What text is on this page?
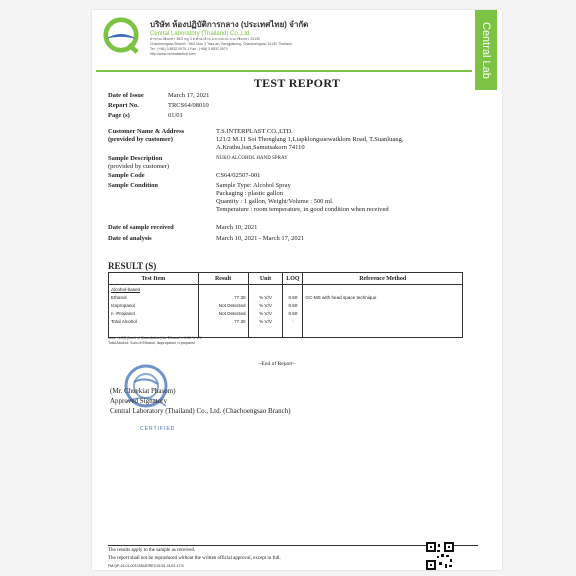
Central Lab
บริษัท ห้องปฏิบัติการกลาง (ประเทศไทย) จำกัด
Central Laboratory (Thailand) Co.,Ltd.
สาขาฉะเชิงเทรา 36/3 หมู่ 3 ต.ท่าสะอ้าน อ.บางปะกง จ.ฉะเชิงเทรา 24130
Chachoengsao Branch : 36/3 Moo 3 Tasa-an, Bangpakong, Chachoengsao 24130 Thailand
Tel : (+66) 3 8832 0970-1 Fax : (+66) 3 8832 0970
http://www.centrallabthai.com
TEST REPORT
Date of Issue	March 17, 2021
Report No.	TRCS64/08010
Page (s)	01/01
Customer Name & Address	T.S.INTERPLAST CO.,LTD.
(provided by customer)	121/2 M.11 Soi Thonglang 1,Liapklongsuewatklom Road, T.Suanluang,
A.Krathu,ban,Samutsakorn 74110
Sample Description	NUKO ALCOHOL HAND SPRAY
(provided by customer)
Sample Code	CS64/02507-001
Sample Condition	Sample Type: Alcohol Spray
Packaging : plastic gallon
Quantity : 1 gallon, Weight/Volume : 500 ml.
Temperature : room temperature, in good condition when received
Date of sample received	March 10, 2021
Date of analysis	March 10, 2021 - March 17, 2021
RESULT (S)
Test Item	Result	Unit	LOQ	Reference Method
Alcohol-based				
Ethanol	77.30	% V/V	0.50	GC-MS with head space technique
Isopropanol	Not Detected	% V/V	0.50	
n -Propanol	Not Detected	% V/V	0.50	
Total Alcohol	77.30	% V/V	-	

Note : LOQ (Limit of Quantitation) for Ethanol = 1.00 % V/V
Total Alcohol: Sum of Ethanol, Isopropanol, n-propanol
~End of Report~
CERTIFIED
(Mr. Chuekiat Phasom)
Approved Signatory
Central Laboratory (Thailand) Co., Ltd. (Chachoengsao Branch)
The results apply to the sample as received.
The report shall not be reproduced without the written official approval, except in full.
FM-QP-23-01-003 ISSUE/REV:01/01-01/01-17/3
